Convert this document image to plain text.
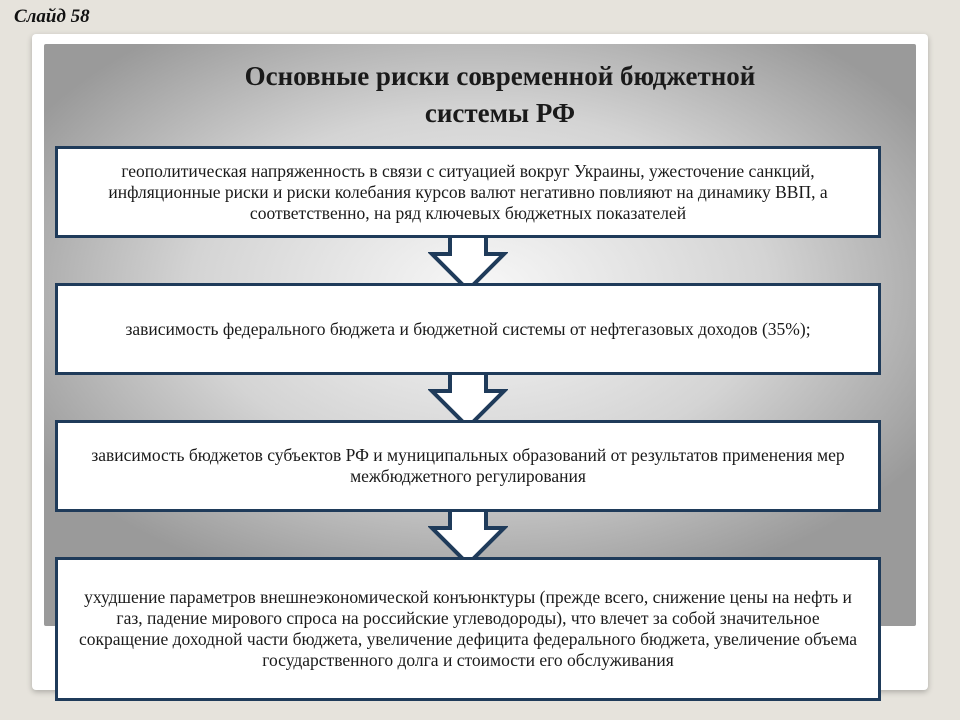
Слайд 58
Основные риски современной бюджетной
системы РФ
геополитическая напряженность в связи с ситуацией вокруг Украины, ужесточение санкций, инфляционные риски и риски колебания курсов валют негативно повлияют на динамику ВВП, а соответственно, на ряд ключевых бюджетных показателей
зависимость федерального бюджета и бюджетной системы от нефтегазовых доходов (35%);
зависимость бюджетов субъектов РФ и муниципальных образований от результатов применения мер межбюджетного регулирования
ухудшение параметров внешнеэкономической конъюнктуры (прежде всего, снижение цены на нефть и газ, падение мирового спроса на российские углеводороды), что влечет за собой значительное сокращение доходной части бюджета, увеличение дефицита федерального бюджета, увеличение объема государственного долга и стоимости его обслуживания
